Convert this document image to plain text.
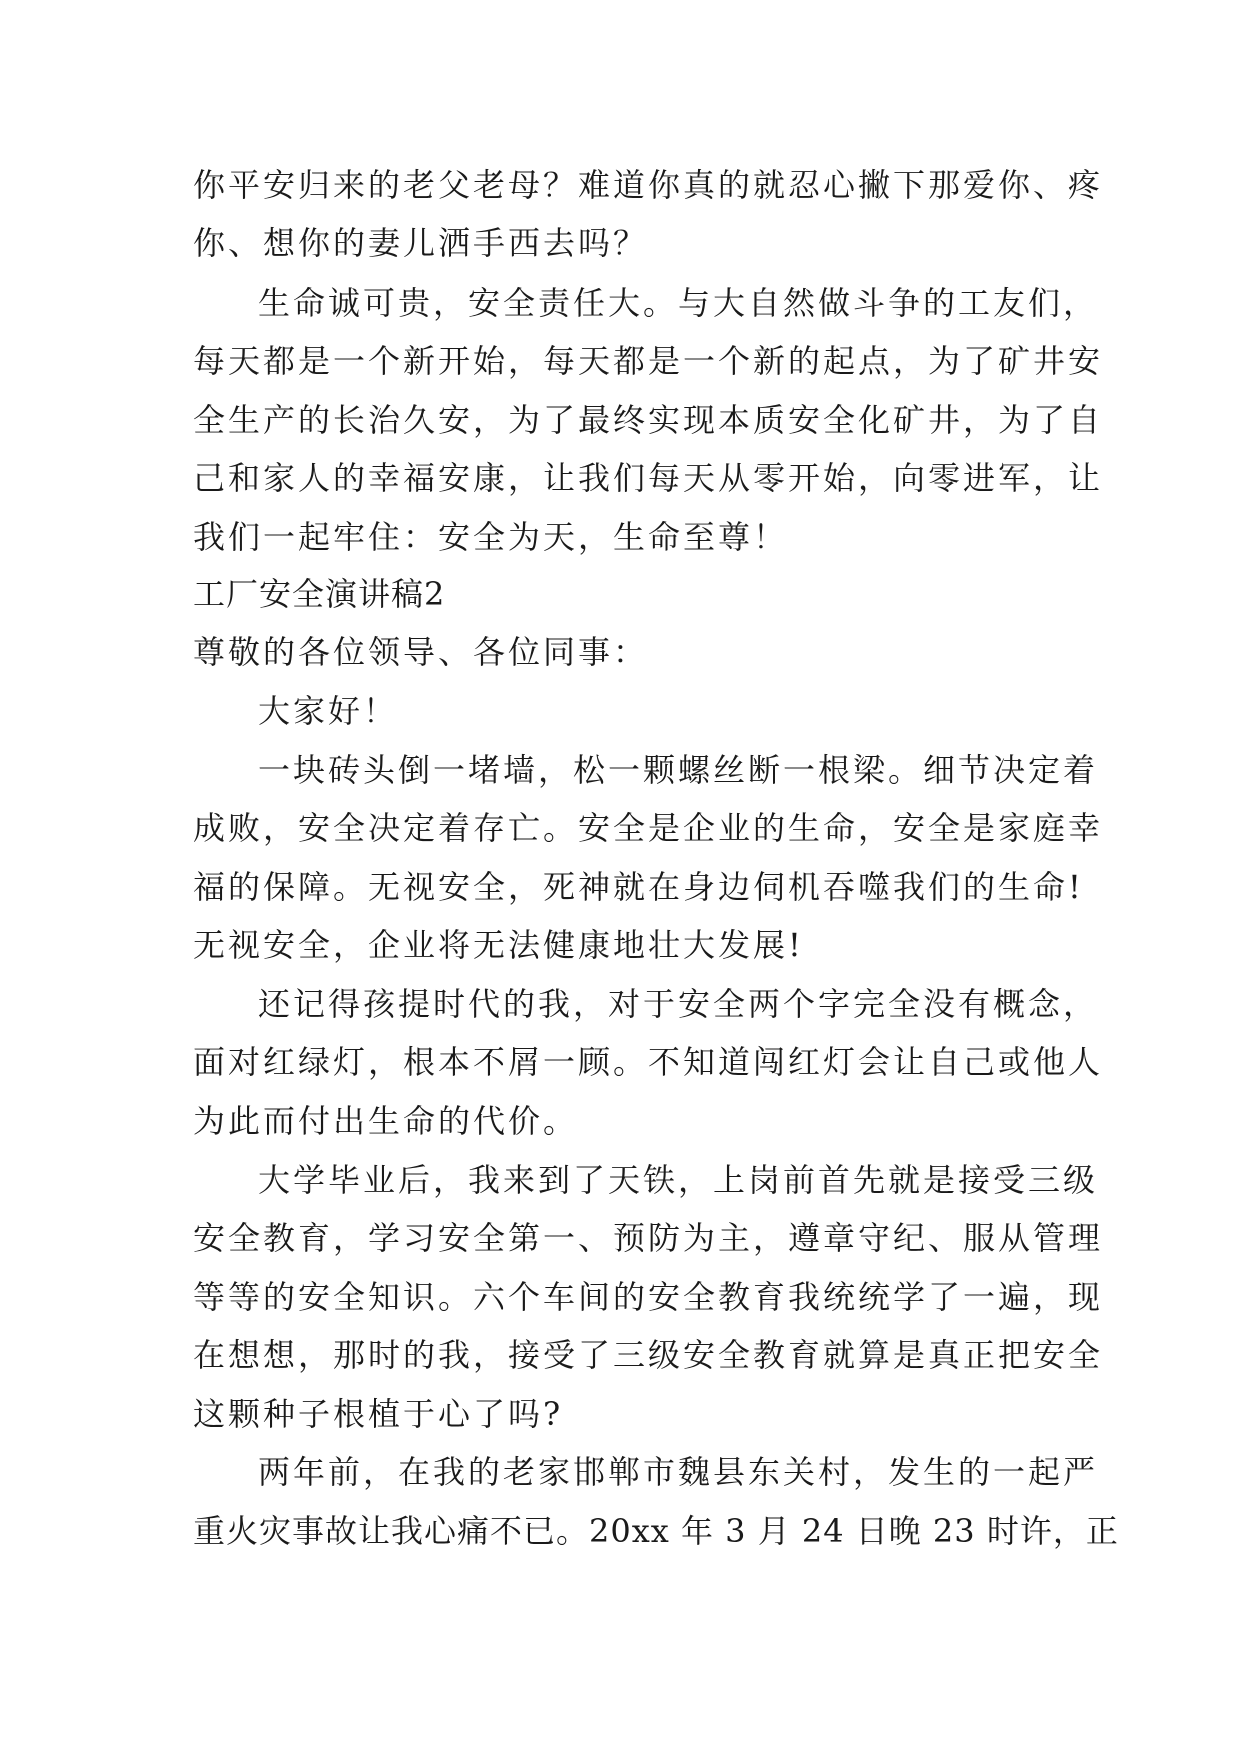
你平安归来的老父老母？难道你真的就忍心撇下那爱你、疼

你、想你的妻儿洒手西去吗？

生命诚可贵，安全责任大。与大自然做斗争的工友们，

每天都是一个新开始，每天都是一个新的起点，为了矿井安

全生产的长治久安，为了最终实现本质安全化矿井，为了自

己和家人的幸福安康，让我们每天从零开始，向零进军，让

我们一起牢住：安全为天，生命至尊！

工厂安全演讲稿2

尊敬的各位领导、各位同事：

大家好！

一块砖头倒一堵墙，松一颗螺丝断一根梁。细节决定着

成败，安全决定着存亡。安全是企业的生命，安全是家庭幸

福的保障。无视安全，死神就在身边伺机吞噬我们的生命!

无视安全，企业将无法健康地壮大发展!

还记得孩提时代的我，对于安全两个字完全没有概念，

面对红绿灯，根本不屑一顾。不知道闯红灯会让自己或他人

为此而付出生命的代价。

大学毕业后，我来到了天铁，上岗前首先就是接受三级

安全教育，学习安全第一、预防为主，遵章守纪、服从管理

等等的安全知识。六个车间的安全教育我统统学了一遍，现

在想想，那时的我，接受了三级安全教育就算是真正把安全

这颗种子根植于心了吗?

两年前，在我的老家邯郸市魏县东关村，发生的一起严

重火灾事故让我心痛不已。20xx 年 3 月 24 日晚 23 时许，正
